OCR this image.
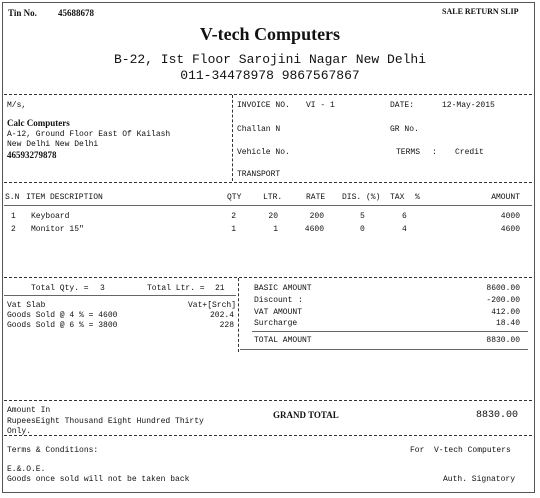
Tin No. 45688678	SALE RETURN SLIP
V-tech Computers
B-22, Ist Floor Sarojini Nagar New Delhi
011-34478978 9867567867
M/s,
Calc Computers
A-12, Ground Floor East Of Kailash
New Delhi New Delhi
46593279878
INVOICE NO. VI - 1	DATE:	12-May-2015
Challan N	GR No.
Vehicle No.	TERMS : Credit
TRANSPORT
S.N ITEM DESCRIPTION	QTY	LTR.	RATE DIS. (%) TAX %	AMOUNT
1 Keyboard	2	20	200	5	6	4000
2 Monitor 15"	1	1	4600	0	4	4600
Total Qty. = 3	Total Ltr. = 21
Vat Slab	Vat+[Srch]
Goods Sold @ 4 % = 4600	202.4
Goods Sold @ 6 % = 3800	228
BASIC AMOUNT	8600.00
Discount :	-200.00
VAT AMOUNT	412.00
Surcharge	18.40
TOTAL AMOUNT	8830.00
Amount In
RupeesEight Thousand Eight Hundred Thirty
Only.
GRAND TOTAL	8830.00
Terms & Conditions:	For  V-tech Computers
E.&.O.E.
Goods once sold will not be taken back	Auth. Signatory
